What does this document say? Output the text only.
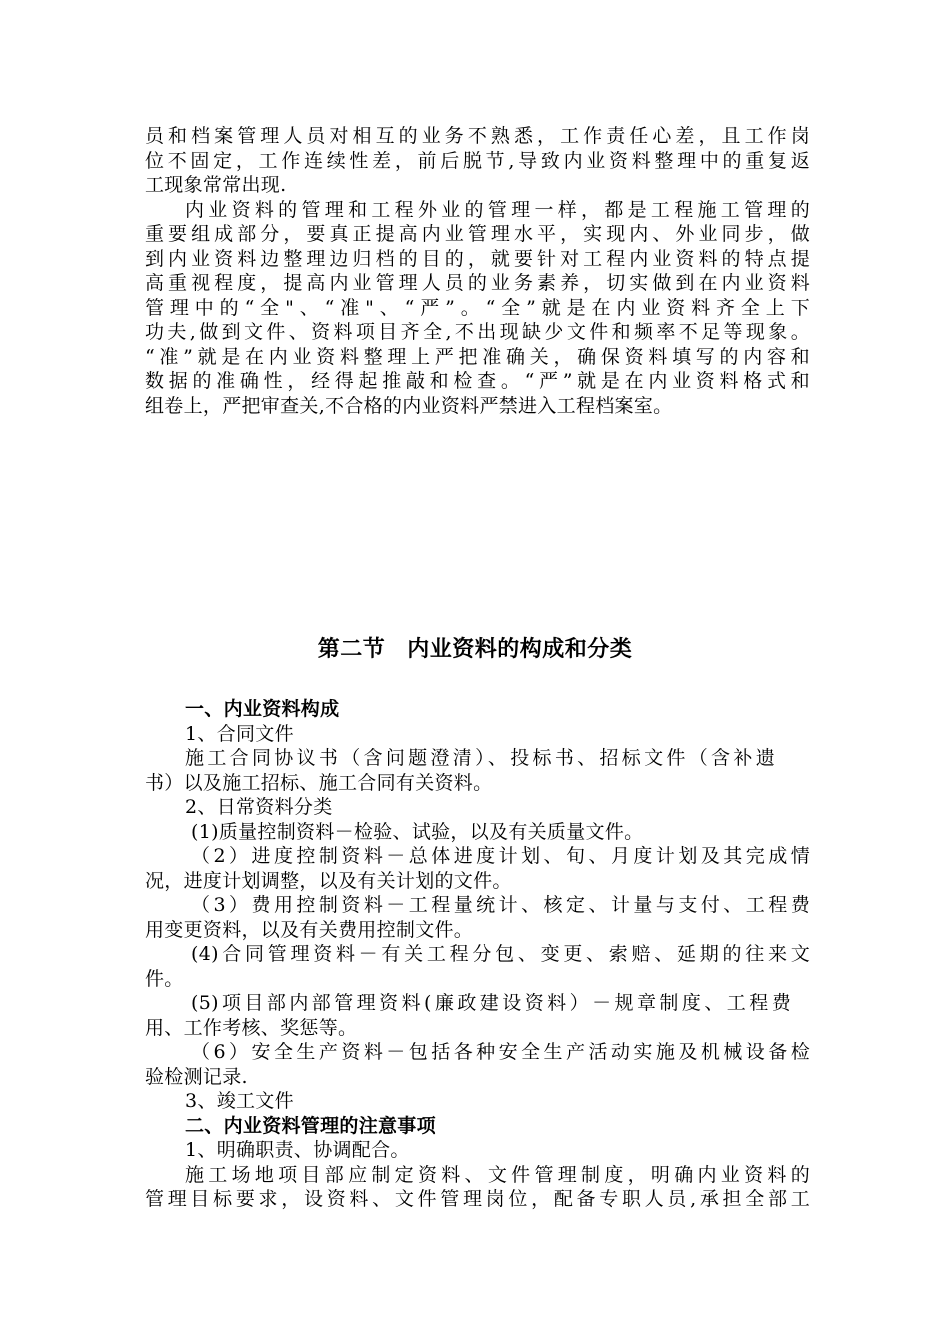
员和档案管理人员对相互的业务不熟悉，工作责任心差，且工作岗
位不固定，工作连续性差，前后脱节,导致内业资料整理中的重复返
工现象常常出现.
内业资料的管理和工程外业的管理一样，都是工程施工管理的
重要组成部分，要真正提高内业管理水平，实现内、外业同步，做
到内业资料边整理边归档的目的，就要针对工程内业资料的特点提
高重视程度，提高内业管理人员的业务素养，切实做到在内业资料
管理中的“全"、“准"、“严”。“全”就是在内业资料齐全上下
功夫,做到文件、资料项目齐全,不出现缺少文件和频率不足等现象。
“准”就是在内业资料整理上严把准确关，确保资料填写的内容和
数据的准确性，经得起推敲和检查。“严”就是在内业资料格式和
组卷上，严把审查关,不合格的内业资料严禁进入工程档案室。
第二节 内业资料的构成和分类
一、内业资料构成
1、合同文件
施工合同协议书（含问题澄清）、投标书、招标文件（含补遗
书）以及施工招标、施工合同有关资料。
2、日常资料分类
(1)质量控制资料－检验、试验，以及有关质量文件。
（2）进度控制资料－总体进度计划、旬、月度计划及其完成情
况，进度计划调整，以及有关计划的文件。
（3）费用控制资料－工程量统计、核定、计量与支付、工程费
用变更资料，以及有关费用控制文件。
(4)合同管理资料－有关工程分包、变更、索赔、延期的往来文
件。
(5)项目部内部管理资料(廉政建设资料）－规章制度、工程费
用、工作考核、奖惩等。
（6）安全生产资料－包括各种安全生产活动实施及机械设备检
验检测记录.
3、竣工文件
二、内业资料管理的注意事项
1、明确职责、协调配合。
施工场地项目部应制定资料、文件管理制度，明确内业资料的
管理目标要求，设资料、文件管理岗位，配备专职人员,承担全部工
